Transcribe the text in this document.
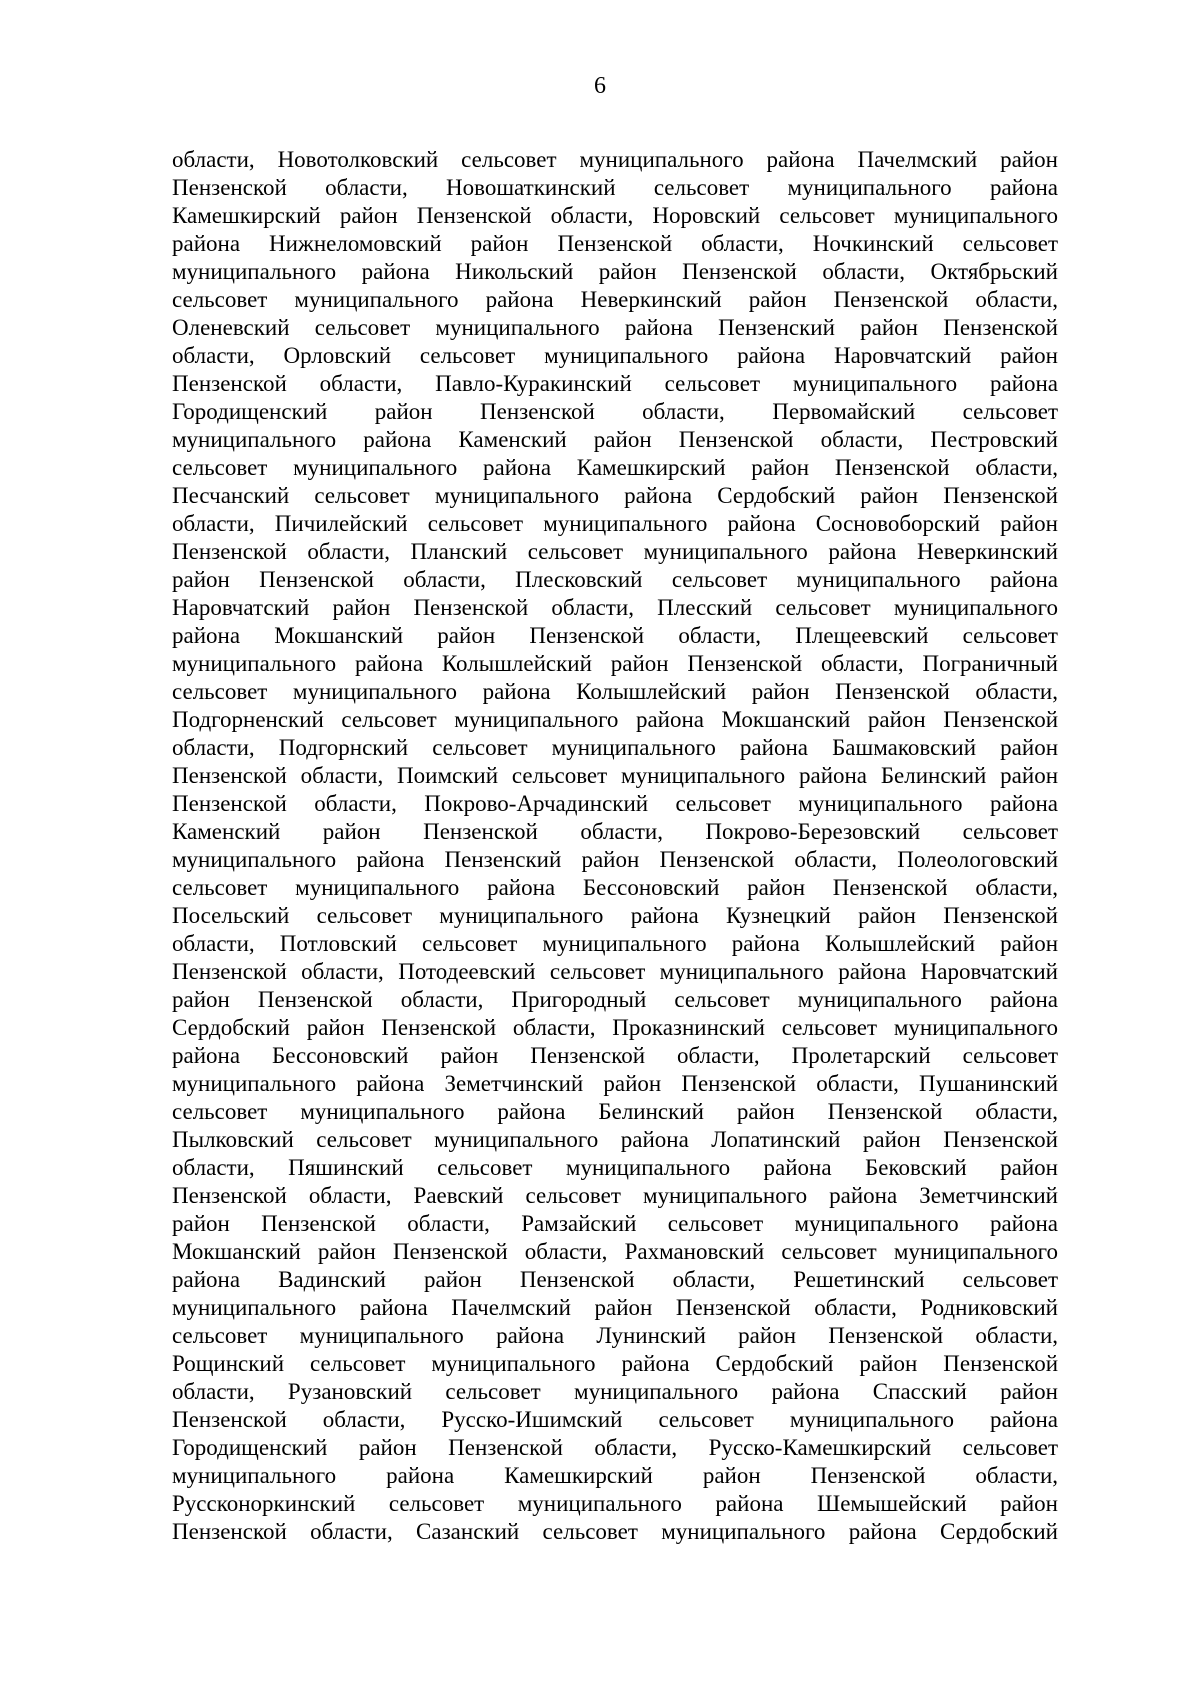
6
области, Новотолковский сельсовет муниципального района Пачелмский район
Пензенской области, Новошаткинский сельсовет муниципального района
Камешкирский район Пензенской области, Норовский сельсовет муниципального
района Нижнеломовский район Пензенской области, Ночкинский сельсовет
муниципального района Никольский район Пензенской области, Октябрьский
сельсовет муниципального района Неверкинский район Пензенской области,
Оленевский сельсовет муниципального района Пензенский район Пензенской
области, Орловский сельсовет муниципального района Наровчатский район
Пензенской области, Павло-Куракинский сельсовет муниципального района
Городищенский район Пензенской области, Первомайский сельсовет
муниципального района Каменский район Пензенской области, Пестровский
сельсовет муниципального района Камешкирский район Пензенской области,
Песчанский сельсовет муниципального района Сердобский район Пензенской
области, Пичилейский сельсовет муниципального района Сосновоборский район
Пензенской области, Планский сельсовет муниципального района Неверкинский
район Пензенской области, Плесковский сельсовет муниципального района
Наровчатский район Пензенской области, Плесский сельсовет муниципального
района Мокшанский район Пензенской области, Плещеевский сельсовет
муниципального района Колышлейский район Пензенской области, Пограничный
сельсовет муниципального района Колышлейский район Пензенской области,
Подгорненский сельсовет муниципального района Мокшанский район Пензенской
области, Подгорнский сельсовет муниципального района Башмаковский район
Пензенской области, Поимский сельсовет муниципального района Белинский район
Пензенской области, Покрово-Арчадинский сельсовет муниципального района
Каменский район Пензенской области, Покрово-Березовский сельсовет
муниципального района Пензенский район Пензенской области, Полеологовский
сельсовет муниципального района Бессоновский район Пензенской области,
Посельский сельсовет муниципального района Кузнецкий район Пензенской
области, Потловский сельсовет муниципального района Колышлейский район
Пензенской области, Потодеевский сельсовет муниципального района Наровчатский
район Пензенской области, Пригородный сельсовет муниципального района
Сердобский район Пензенской области, Проказнинский сельсовет муниципального
района Бессоновский район Пензенской области, Пролетарский сельсовет
муниципального района Земетчинский район Пензенской области, Пушанинский
сельсовет муниципального района Белинский район Пензенской области,
Пылковский сельсовет муниципального района Лопатинский район Пензенской
области, Пяшинский сельсовет муниципального района Бековский район
Пензенской области, Раевский сельсовет муниципального района Земетчинский
район Пензенской области, Рамзайский сельсовет муниципального района
Мокшанский район Пензенской области, Рахмановский сельсовет муниципального
района Вадинский район Пензенской области, Решетинский сельсовет
муниципального района Пачелмский район Пензенской области, Родниковский
сельсовет муниципального района Лунинский район Пензенской области,
Рощинский сельсовет муниципального района Сердобский район Пензенской
области, Рузановский сельсовет муниципального района Спасский район
Пензенской области, Русско-Ишимский сельсовет муниципального района
Городищенский район Пензенской области, Русско-Камешкирский сельсовет
муниципального района Камешкирский район Пензенской области,
Руссконоркинский сельсовет муниципального района Шемышейский район
Пензенской области, Сазанский сельсовет муниципального района Сердобский
